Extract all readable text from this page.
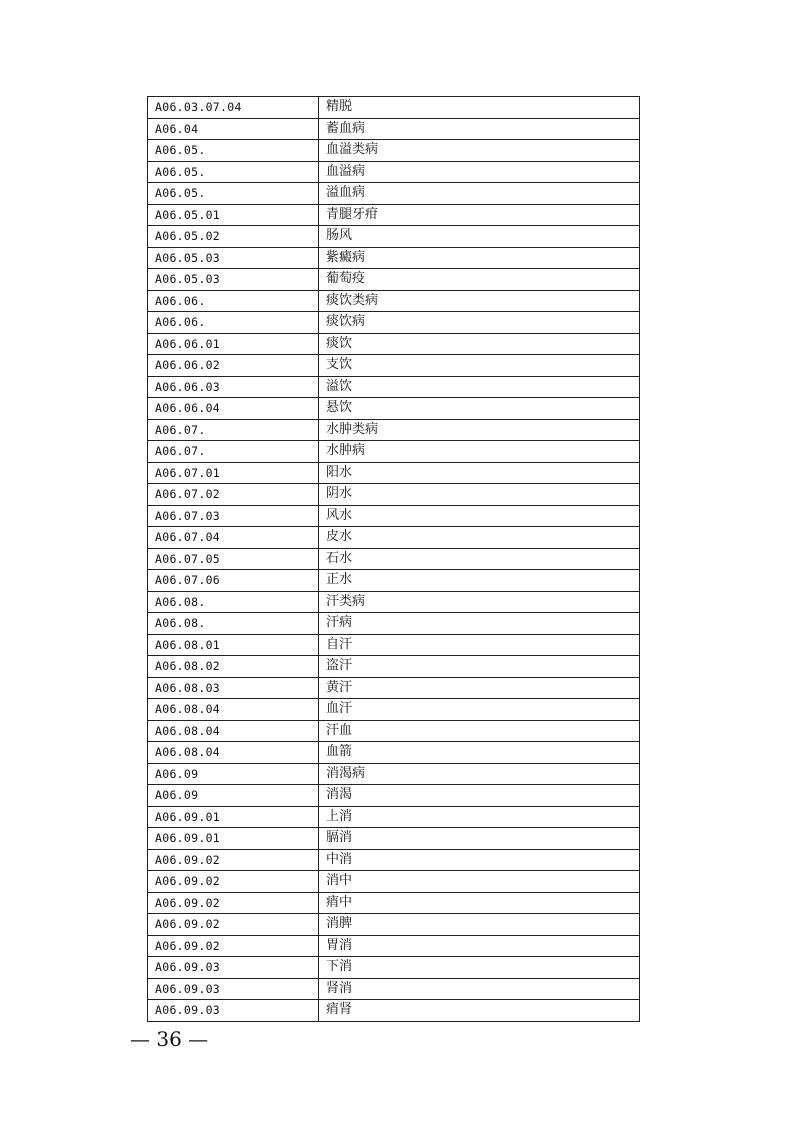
A06.03.07.04	精脱
A06.04	蓄血病
A06.05.	血溢类病
A06.05.	血溢病
A06.05.	溢血病
A06.05.01	青腿牙疳
A06.05.02	肠风
A06.05.03	紫癜病
A06.05.03	葡萄疫
A06.06.	痰饮类病
A06.06.	痰饮病
A06.06.01	痰饮
A06.06.02	支饮
A06.06.03	溢饮
A06.06.04	悬饮
A06.07.	水肿类病
A06.07.	水肿病
A06.07.01	阳水
A06.07.02	阴水
A06.07.03	风水
A06.07.04	皮水
A06.07.05	石水
A06.07.06	正水
A06.08.	汗类病
A06.08.	汗病
A06.08.01	自汗
A06.08.02	盗汗
A06.08.03	黄汗
A06.08.04	血汗
A06.08.04	汗血
A06.08.04	血箭
A06.09	消渴病
A06.09	消渴
A06.09.01	上消
A06.09.01	膈消
A06.09.02	中消
A06.09.02	消中
A06.09.02	痟中
A06.09.02	消脾
A06.09.02	胃消
A06.09.03	下消
A06.09.03	肾消
A06.09.03	痟肾
— 36 —
